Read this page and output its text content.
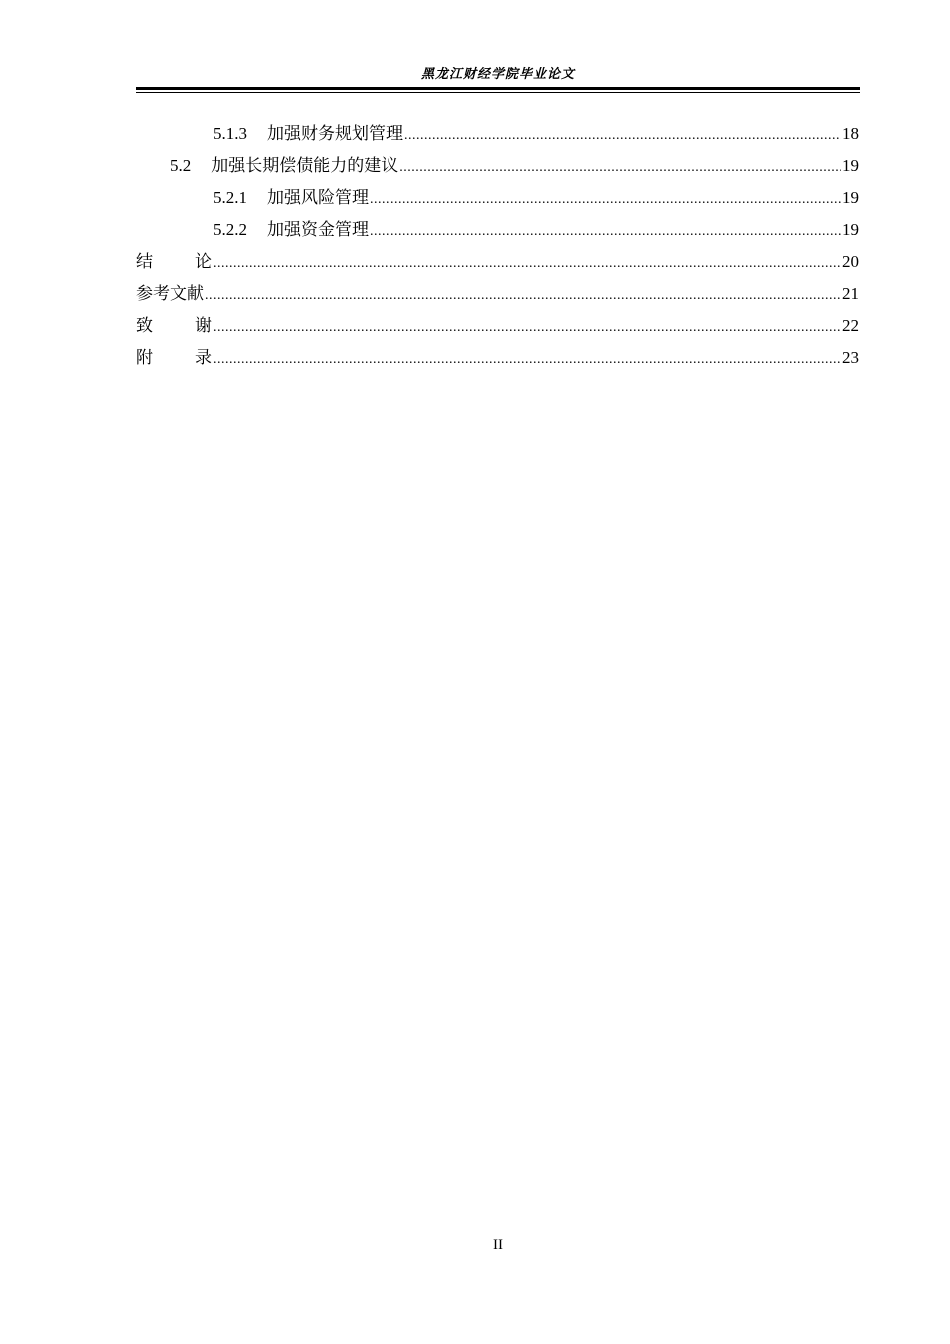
黑龙江财经学院毕业论文
5.1.3 加强财务规划管理 .....	18
5.2 加强长期偿债能力的建议 .....	19
5.2.1 加强风险管理 .....	19
5.2.2 加强资金管理 .....	19
结 论 .....	20
参考文献 .....	21
致 谢 .....	22
附 录 .....	23
II
